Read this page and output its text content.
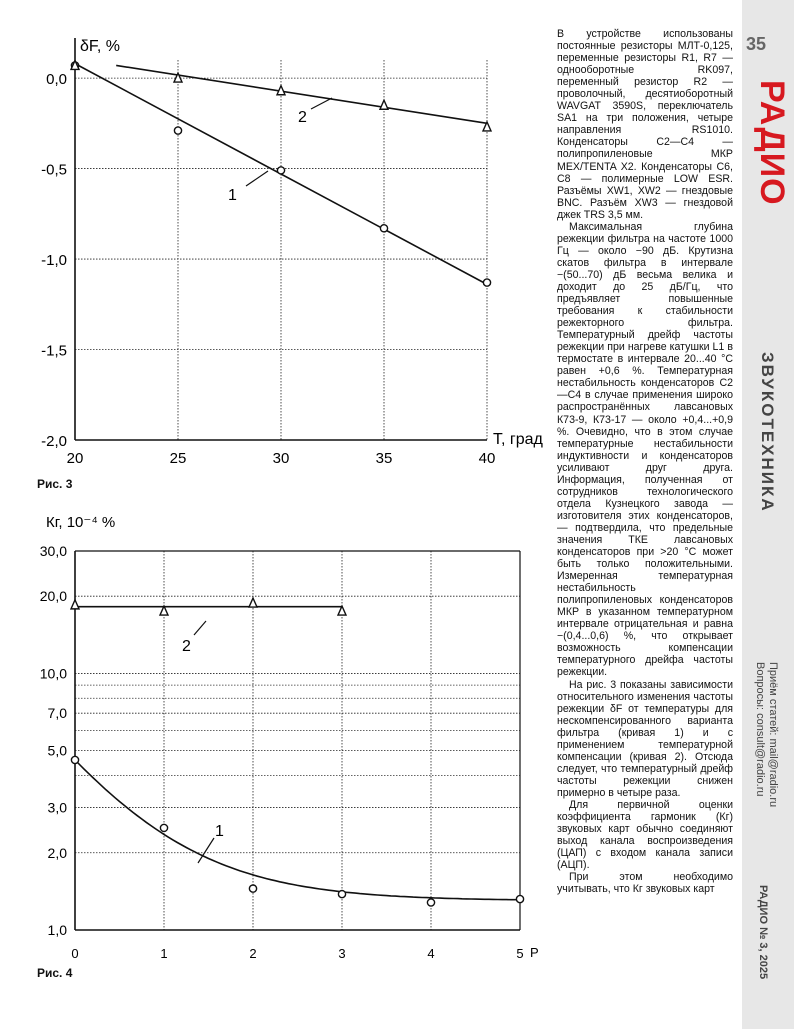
0,0
-0,5
-1,0
-1,5
-2,0
20	25	30	35	40
δF, %
T, град
1
2
Рис. 3
1,0
2,0
3,0
5,0
7,0
10,0
20,0
30,0
0	1	2	3	4	5
Кг, 10⁻⁴ %
P
1
2
Рис. 4

В устройстве использованы постоянные резисторы МЛТ-0,125, переменные резисторы R1, R7 — однооборотные RK097, переменный резистор R2 — проволочный, десятиоборотный WAVGAT 3590S, переключатель SA1 на три положения, четыре направления RS1010. Конденсаторы С2—С4 — полипропиленовые МКР МЕХ/TENTA X2. Конденсаторы С6, С8 — полимерные LOW ESR. Разъёмы XW1, XW2 — гнездовые BNC. Разъём XW3 — гнездовой джек TRS 3,5 мм.

Максимальная глубина режекции фильтра на частоте 1000 Гц — около −90 дБ. Крутизна скатов фильтра в интервале −(50...70) дБ весьма велика и доходит до 25 дБ/Гц, что предъявляет повышенные требования к стабильности режекторного фильтра. Температурный дрейф частоты режекции при нагреве катушки L1 в термостате в интервале 20...40 °C равен +0,6 %. Температурная нестабильность конденсаторов С2—С4 в случае применения широко распространённых лавсановых К73-9, К73-17 — около +0,4...+0,9 %. Очевидно, что в этом случае температурные нестабильности индуктивности и конденсаторов усиливают друг друга. Информация, полученная от сотрудников технологического отдела Кузнецкого завода — изготовителя этих конденсаторов, — подтвердила, что предельные значения ТКЕ лавсановых конденсаторов при >20 °C может быть только положительными. Измеренная температурная нестабильность полипропиленовых конденсаторов МКР в указанном температурном интервале отрицательная и равна −(0,4...0,6) %, что открывает возможность компенсации температурного дрейфа частоты режекции.

На рис. 3 показаны зависимости относительного изменения частоты режекции δF от температуры для нескомпенсированного варианта фильтра (кривая 1) и с применением температурной компенсации (кривая 2). Отсюда следует, что температурный дрейф частоты режекции снижен примерно в четыре раза.

Для первичной оценки коэффициента гармоник (Кг) звуковых карт обычно соединяют выход канала воспроизведения (ЦАП) с входом канала записи (АЦП).

При этом необходимо учитывать, что Кг звуковых карт

35
РАДИО
ЗВУКОТЕХНИКА
Приём статей: mail@radio.ru
Вопросы: consult@radio.ru
РАДИО № 3, 2025
